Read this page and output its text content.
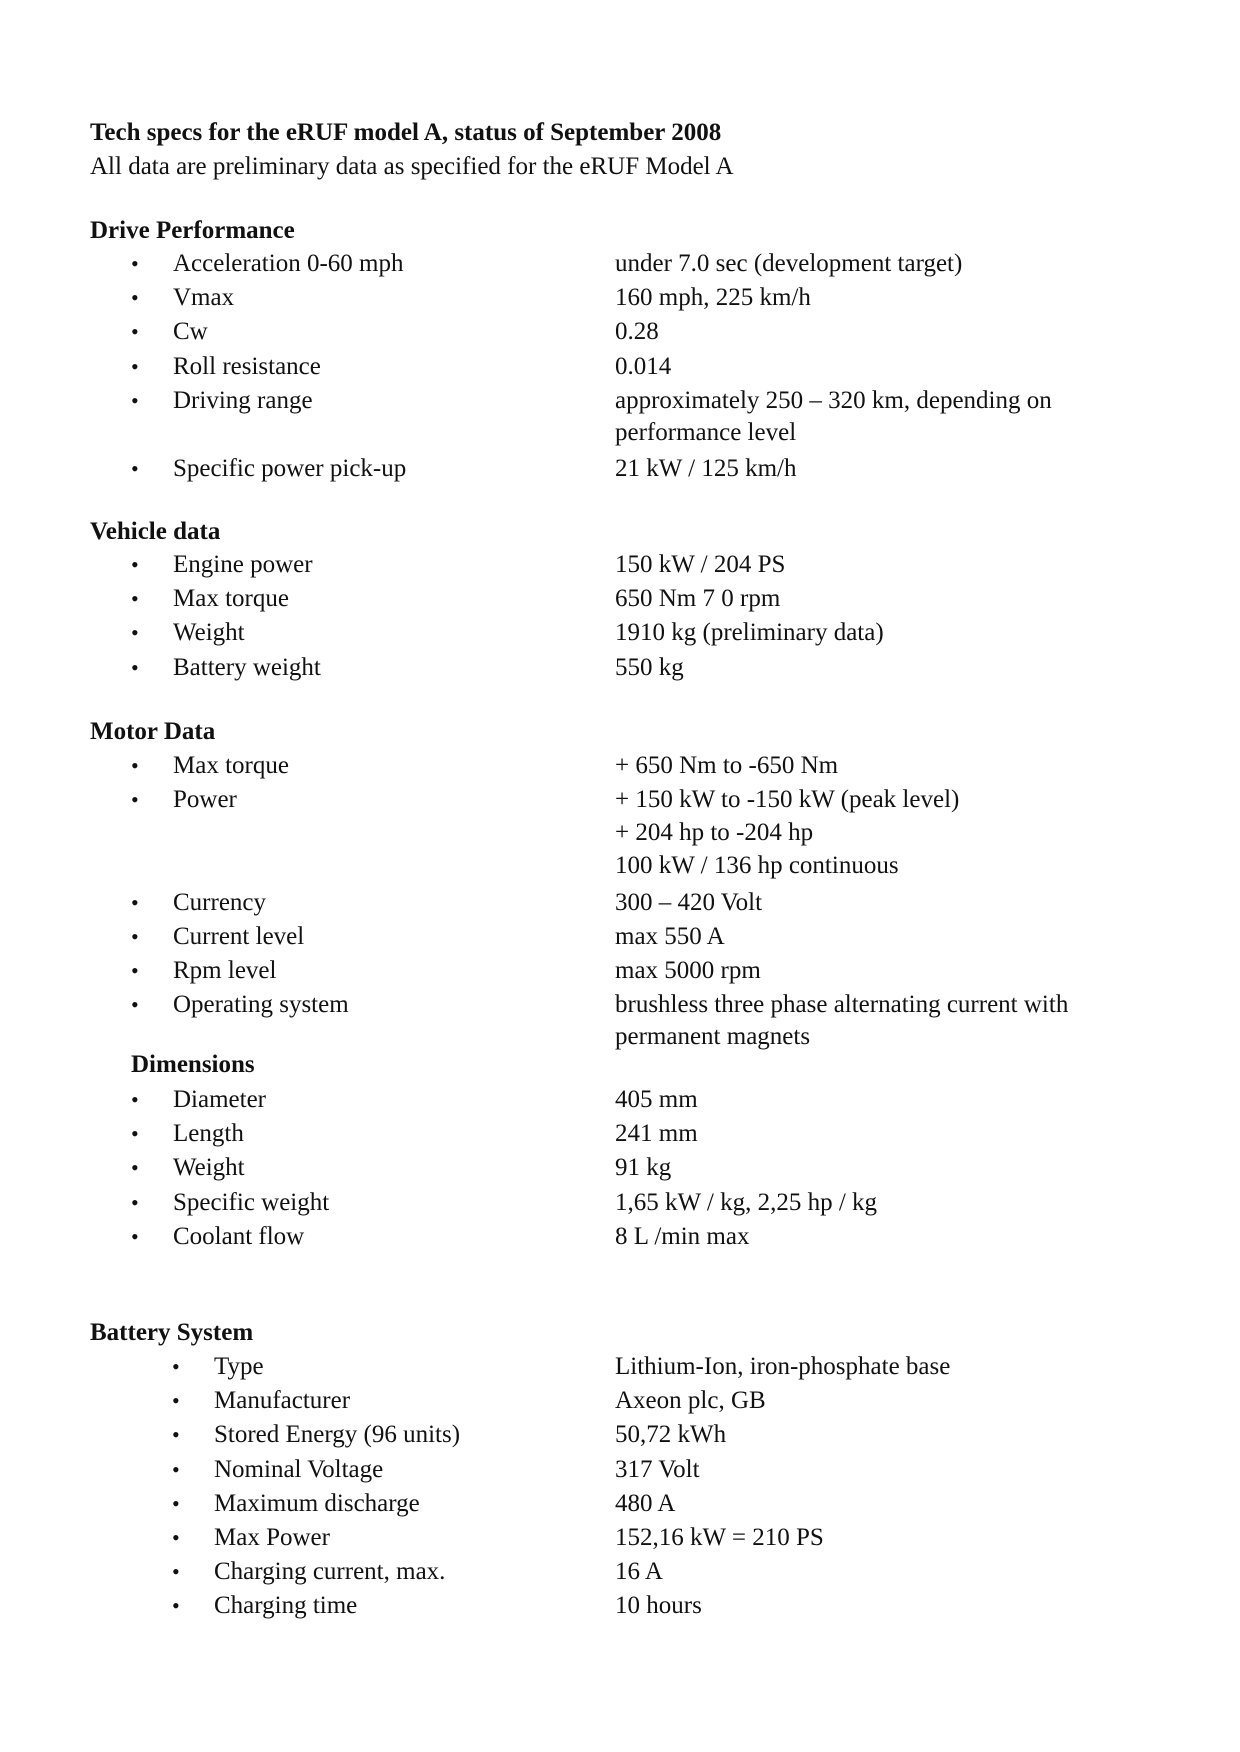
Tech specs for the eRUF model A, status of September 2008
All data are preliminary data as specified for the eRUF Model A
Drive Performance
• Acceleration 0-60 mph	under 7.0 sec (development target)
• Vmax	160 mph, 225 km/h
• Cw	0.28
• Roll resistance	0.014
• Driving range	approximately 250 – 320 km, depending on
performance level
• Specific power pick-up	21 kW / 125 km/h
Vehicle data
• Engine power	150 kW / 204 PS
• Max torque	650 Nm 7 0 rpm
• Weight	1910 kg (preliminary data)
• Battery weight	550 kg
Motor Data
• Max torque	+ 650 Nm to -650 Nm
• Power	+ 150 kW to -150 kW (peak level)
+ 204 hp to -204 hp
100 kW / 136 hp continuous
• Currency	300 – 420 Volt
• Current level	max 550 A
• Rpm level	max 5000 rpm
• Operating system	brushless three phase alternating current with
permanent magnets
Dimensions
• Diameter	405 mm
• Length	241 mm
• Weight	91 kg
• Specific weight	1,65 kW / kg, 2,25 hp / kg
• Coolant flow	8 L /min max
Battery System
• Type	Lithium-Ion, iron-phosphate base
• Manufacturer	Axeon plc, GB
• Stored Energy (96 units)	50,72 kWh
• Nominal Voltage	317 Volt
• Maximum discharge	480 A
• Max Power	152,16 kW = 210 PS
• Charging current, max.	16 A
• Charging time	10 hours
